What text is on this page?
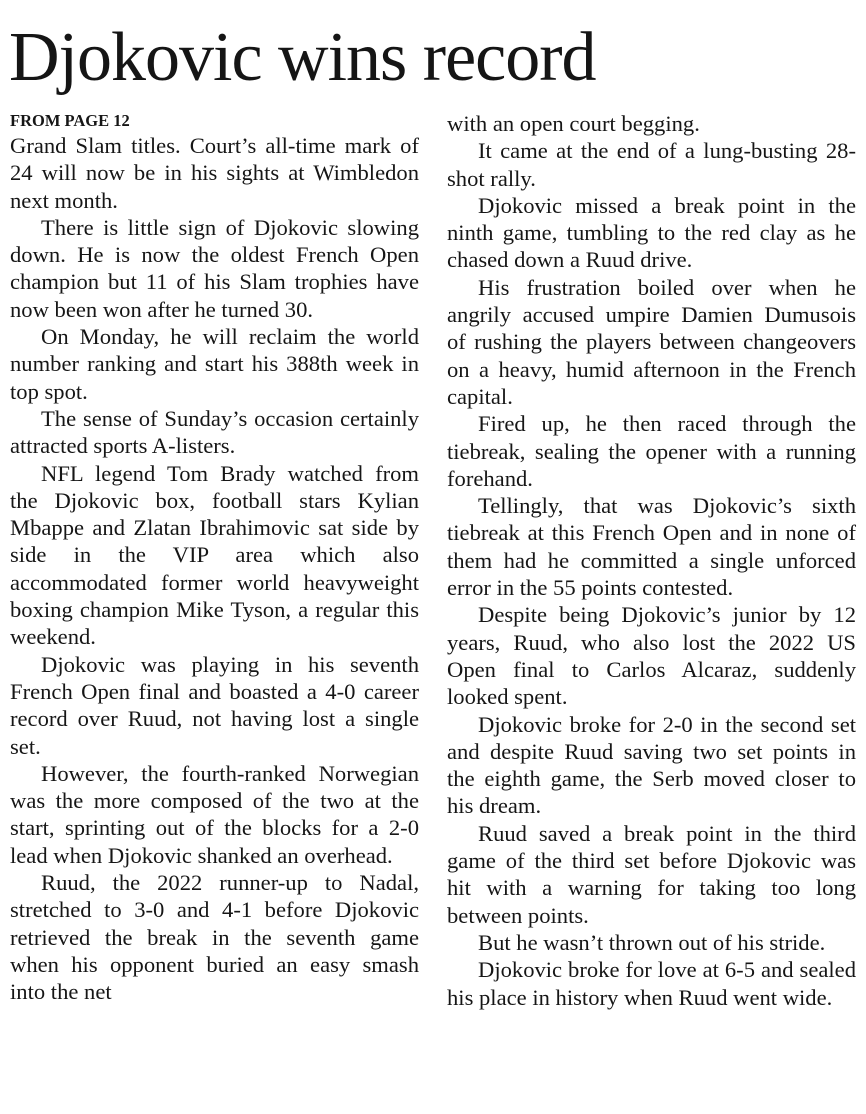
Djokovic wins record
FROM PAGE 12

Grand Slam titles. Court’s all-time mark of 24 will now be in his sights at Wimbledon next month.

There is little sign of Djokovic slowing down. He is now the oldest French Open champion but 11 of his Slam trophies have now been won after he turned 30.

On Monday, he will reclaim the world number ranking and start his 388th week in top spot.

The sense of Sunday’s occasion certainly attracted sports A-listers.

NFL legend Tom Brady watched from the Djokovic box, football stars Kylian Mbappe and Zlatan Ibrahimovic sat side by side in the VIP area which also accommodated former world heavyweight boxing champion Mike Tyson, a regular this weekend.

Djokovic was playing in his seventh French Open final and boasted a 4-0 career record over Ruud, not having lost a single set.

However, the fourth-ranked Norwegian was the more composed of the two at the start, sprinting out of the blocks for a 2-0 lead when Djokovic shanked an overhead.

Ruud, the 2022 runner-up to Nadal, stretched to 3-0 and 4-1 before Djokovic retrieved the break in the seventh game when his opponent buried an easy smash into the net

with an open court begging.

It came at the end of a lung-busting 28-shot rally.

Djokovic missed a break point in the ninth game, tumbling to the red clay as he chased down a Ruud drive.

His frustration boiled over when he angrily accused umpire Damien Dumusois of rushing the players between changeovers on a heavy, humid afternoon in the French capital.

Fired up, he then raced through the tiebreak, sealing the opener with a running forehand.

Tellingly, that was Djokovic’s sixth tiebreak at this French Open and in none of them had he committed a single unforced error in the 55 points contested.

Despite being Djokovic’s junior by 12 years, Ruud, who also lost the 2022 US Open final to Carlos Alcaraz, suddenly looked spent.

Djokovic broke for 2-0 in the second set and despite Ruud saving two set points in the eighth game, the Serb moved closer to his dream.

Ruud saved a break point in the third game of the third set before Djokovic was hit with a warning for taking too long between points.

But he wasn’t thrown out of his stride.

Djokovic broke for love at 6-5 and sealed his place in history when Ruud went wide.
